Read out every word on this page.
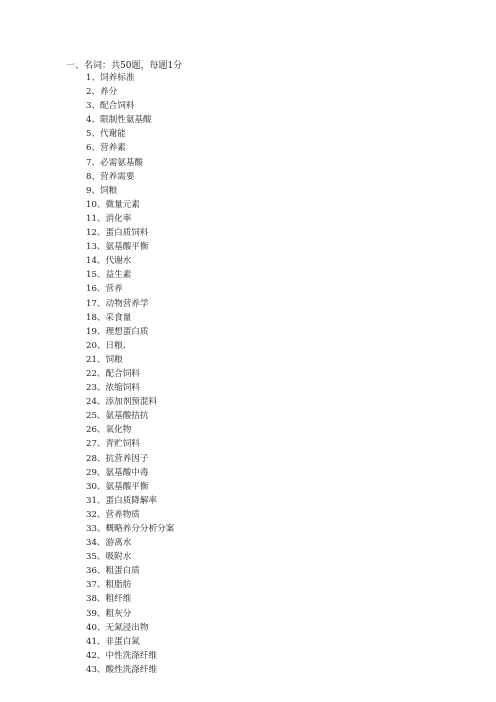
一、名词：共50题，每题1分
1、饲养标准
2、养分
3、配合饲料
4、限制性氨基酸
5、代谢能
6、营养素
7、必需氨基酸
8、营养需要
9、饲粮
10、微量元素
11、消化率
12、蛋白质饲料
13、氨基酸平衡
14、代谢水
15、益生素
16、营养
17、动物营养学
18、采食量
19、理想蛋白质
20、日粮、
21、饲粮
22、配合饲料
23、浓缩饲料
24、添加剂预混料
25、氨基酸拮抗
26、氧化物
27、青贮饲料
28、抗营养因子
29、氨基酸中毒
30、氨基酸平衡
31、蛋白质降解率
32、营养物质
33、概略养分分析分案
34、游离水
35、吸附水
36、粗蛋白质
37、粗脂肪
38、粗纤维
39、粗灰分
40、无氮浸出物
41、非蛋白氮
42、中性洗涤纤维
43、酸性洗涤纤维
